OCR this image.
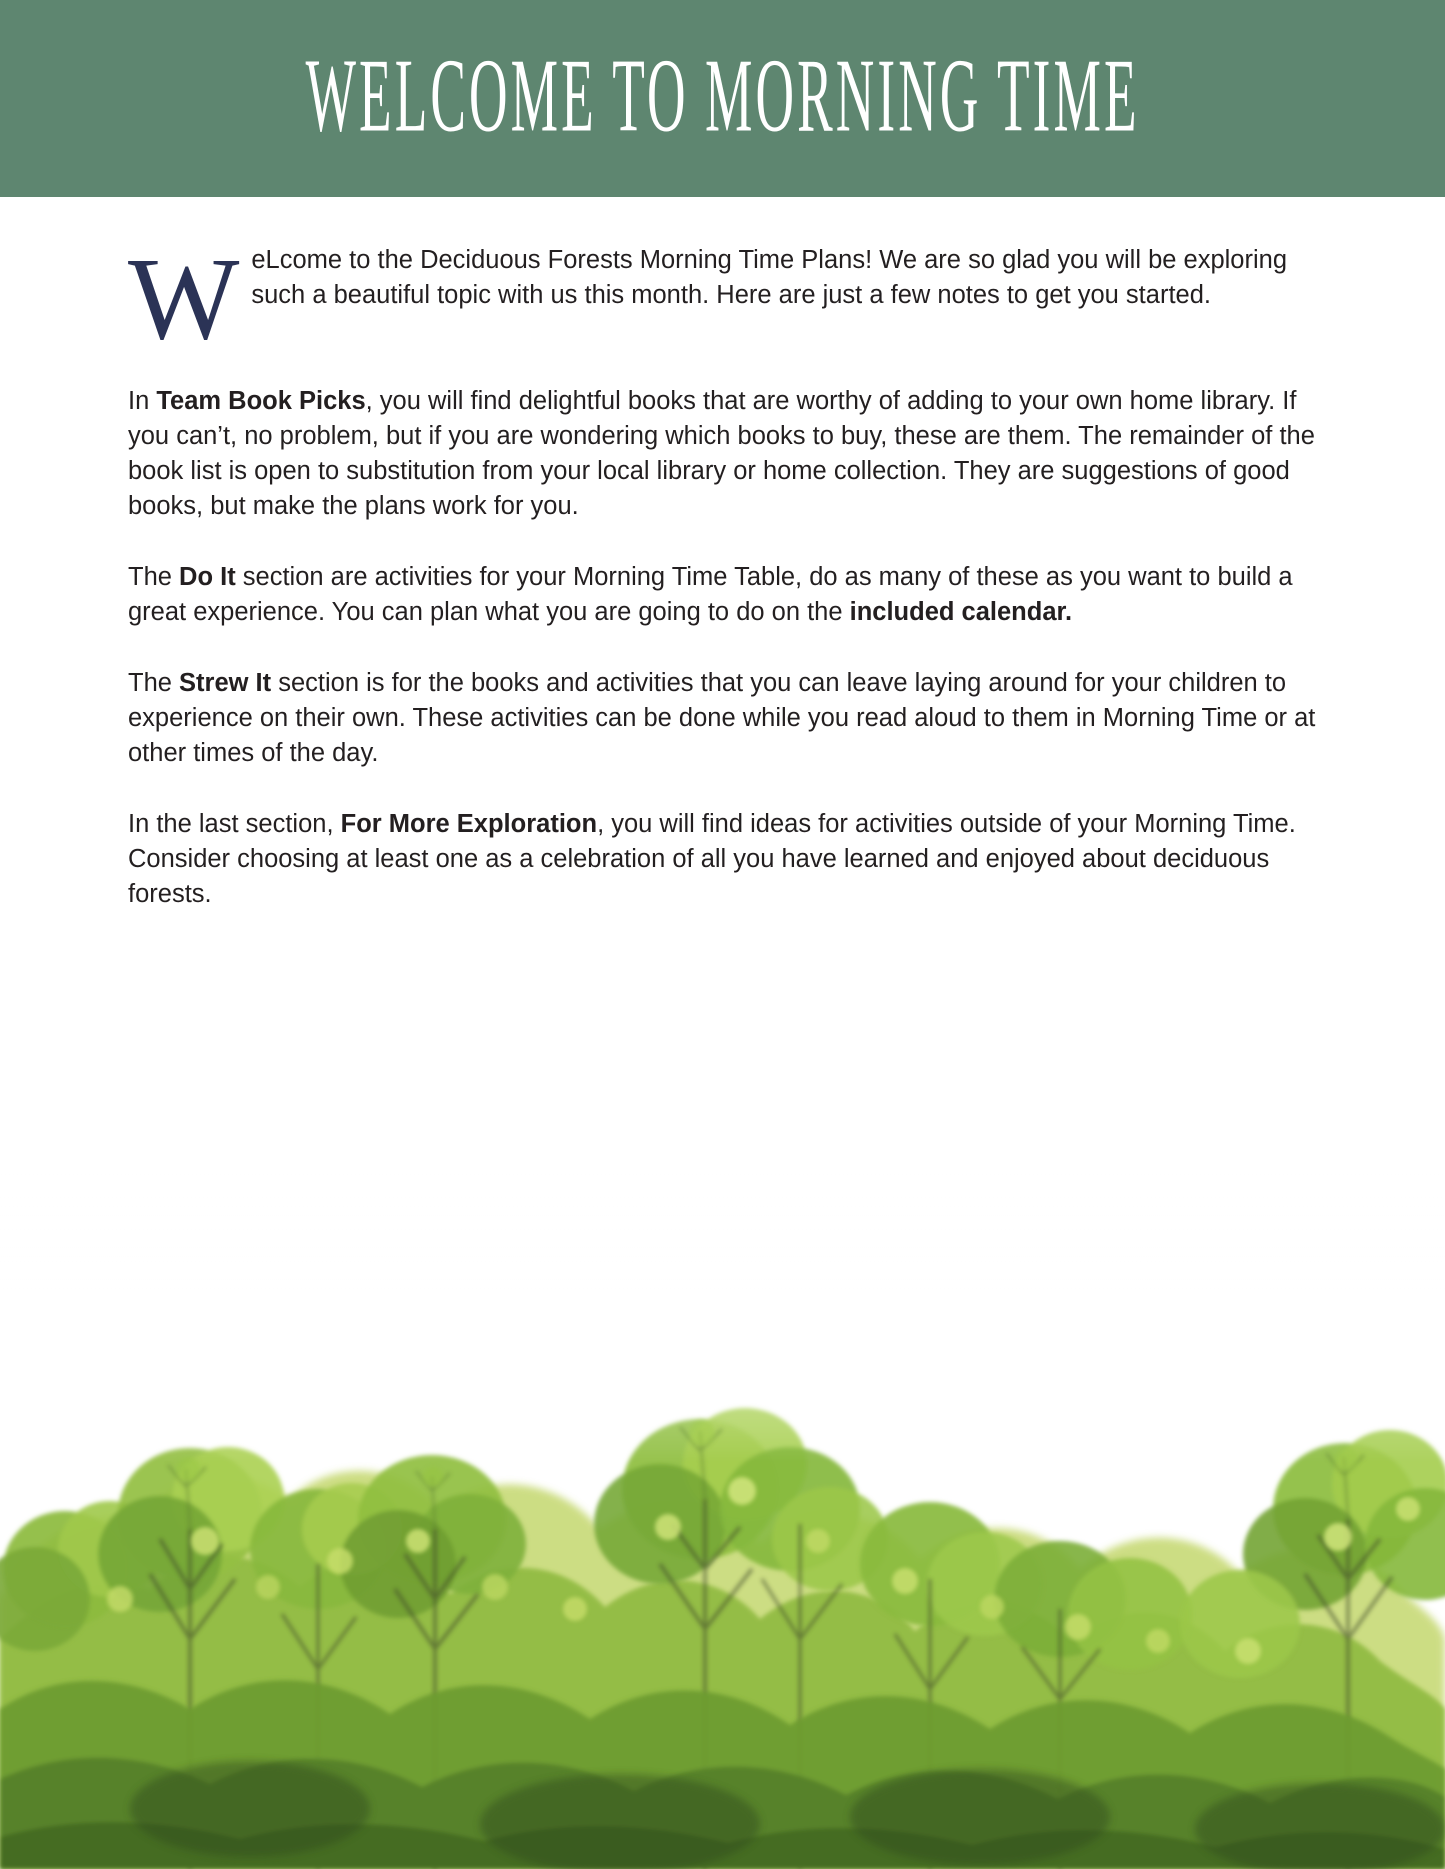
WELCOME TO MORNING TIME

WeLcome to the Deciduous Forests Morning Time Plans! We are so glad you will be exploring such a beautiful topic with us this month. Here are just a few notes to get you started.

In Team Book Picks, you will find delightful books that are worthy of adding to your own home library. If you can’t, no problem, but if you are wondering which books to buy, these are them. The remainder of the book list is open to substitution from your local library or home collection. They are suggestions of good books, but make the plans work for you.

The Do It section are activities for your Morning Time Table, do as many of these as you want to build a great experience. You can plan what you are going to do on the included calendar.

The Strew It section is for the books and activities that you can leave laying around for your children to experience on their own. These activities can be done while you read aloud to them in Morning Time or at other times of the day.

In the last section, For More Exploration, you will find ideas for activities outside of your Morning Time. Consider choosing at least one as a celebration of all you have learned and enjoyed about deciduous forests.
